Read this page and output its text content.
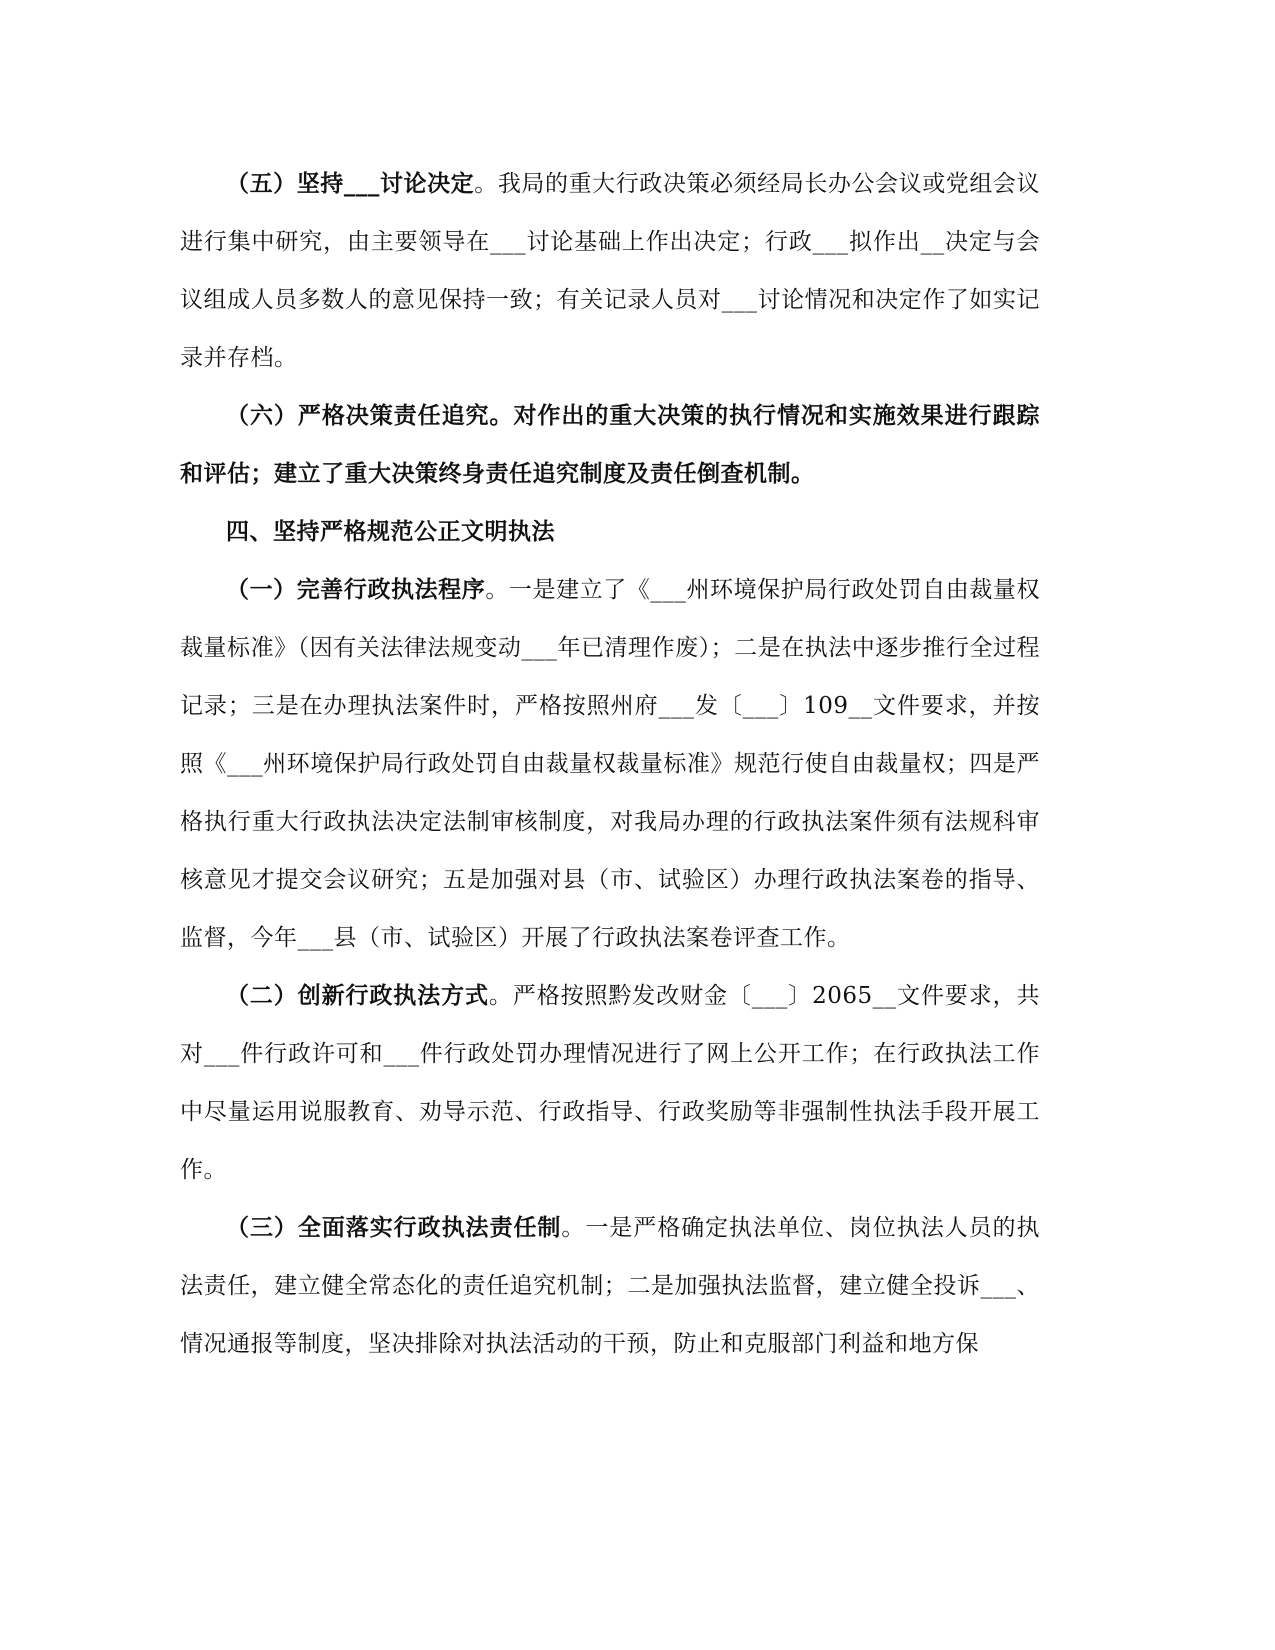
（五）坚持___讨论决定。我局的重大行政决策必须经局长办公会议或党组会议进行集中研究，由主要领导在___讨论基础上作出决定；行政___拟作出__决定与会议组成人员多数人的意见保持一致；有关记录人员对___讨论情况和决定作了如实记录并存档。

（六）严格决策责任追究。对作出的重大决策的执行情况和实施效果进行跟踪和评估；建立了重大决策终身责任追究制度及责任倒查机制。

四、坚持严格规范公正文明执法

（一）完善行政执法程序。一是建立了《___州环境保护局行政处罚自由裁量权裁量标准》（因有关法律法规变动___年已清理作废）；二是在执法中逐步推行全过程记录；三是在办理执法案件时，严格按照州府___发〔___〕109__文件要求，并按照《___州环境保护局行政处罚自由裁量权裁量标准》规范行使自由裁量权；四是严格执行重大行政执法决定法制审核制度，对我局办理的行政执法案件须有法规科审核意见才提交会议研究；五是加强对县（市、试验区）办理行政执法案卷的指导、监督，今年___县（市、试验区）开展了行政执法案卷评查工作。

（二）创新行政执法方式。严格按照黔发改财金〔___〕2065__文件要求，共对___件行政许可和___件行政处罚办理情况进行了网上公开工作；在行政执法工作中尽量运用说服教育、劝导示范、行政指导、行政奖励等非强制性执法手段开展工作。

（三）全面落实行政执法责任制。一是严格确定执法单位、岗位执法人员的执法责任，建立健全常态化的责任追究机制；二是加强执法监督，建立健全投诉___、情况通报等制度，坚决排除对执法活动的干预，防止和克服部门利益和地方保
